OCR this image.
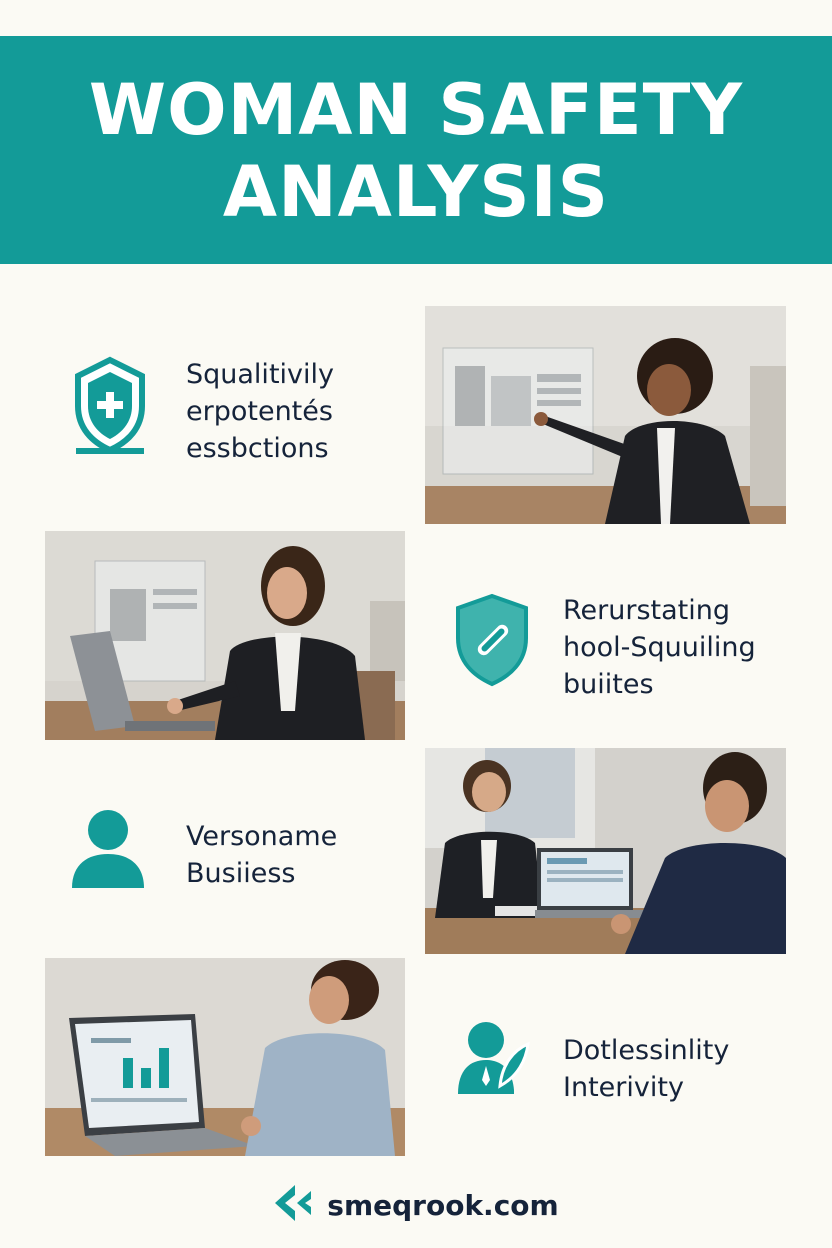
WOMAN SAFETY
ANALYSIS
Squalitivily
erpotentés
essbctions
Rerurstating
hool-Squuiling
buiites
Versoname
Busiiess
Dotlessinlity
Interivity
smeqrook.com
